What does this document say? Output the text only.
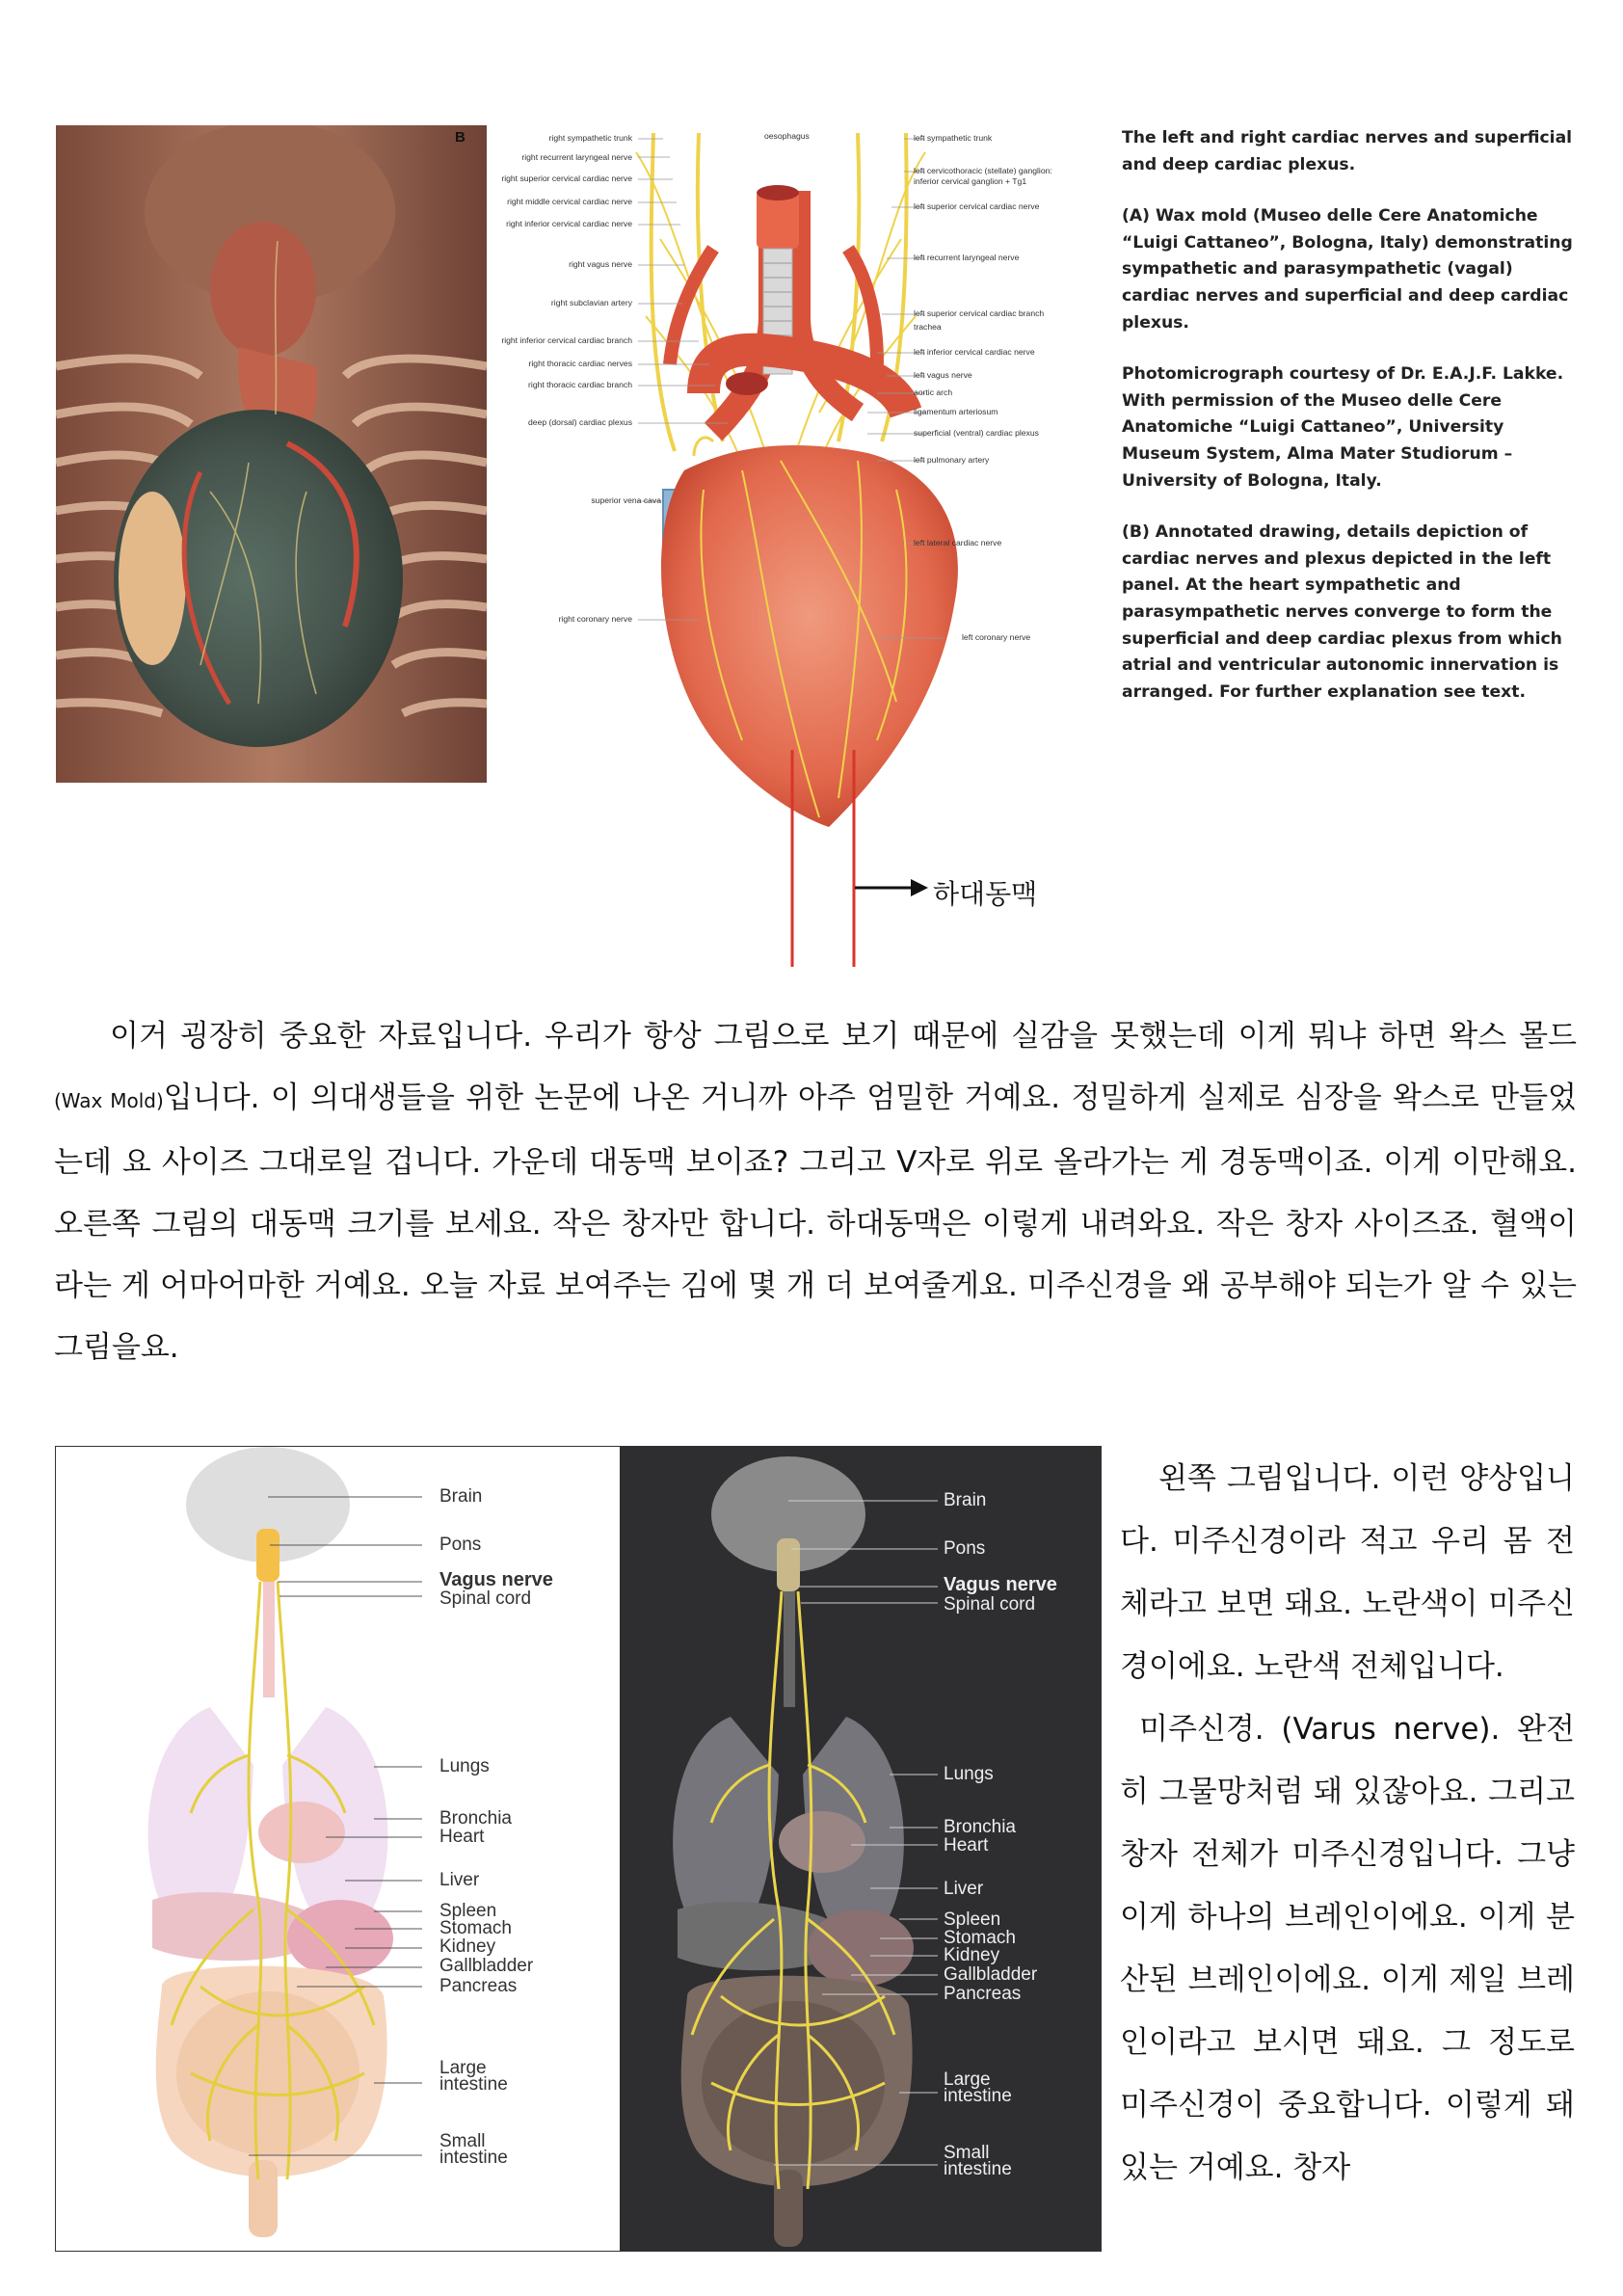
B	right sympathetic trunk
right recurrent laryngeal nerve
right superior cervical cardiac nerve
right middle cervical cardiac nerve
right inferior cervical cardiac nerve
right vagus nerve
right subclavian artery
right inferior cervical cardiac branch
right thoracic cardiac nerves
right thoracic cardiac branch
deep (dorsal) cardiac plexus
superior vena cava
right coronary nerve
oesophagus	left sympathetic trunk
left cervicothoracic (stellate) ganglion:
inferior cervical ganglion + Tg1
left superior cervical cardiac nerve
left recurrent laryngeal nerve
left superior cervical cardiac branch
trachea
left inferior cervical cardiac nerve
left vagus nerve
aortic arch
ligamentum arteriosum
superficial (ventral) cardiac plexus
left pulmonary artery
left lateral cardiac nerve
left coronary nerve
하대동맥

The left and right cardiac nerves and superficial and deep cardiac plexus.

(A) Wax mold (Museo delle Cere Anatomiche “Luigi Cattaneo”, Bologna, Italy) demonstrating sympathetic and parasympathetic (vagal) cardiac nerves and superficial and deep cardiac plexus.

Photomicrograph courtesy of Dr. E.A.J.F. Lakke. With permission of the Museo delle Cere Anatomiche “Luigi Cattaneo”, University Museum System, Alma Mater Studiorum – University of Bologna, Italy.

(B) Annotated drawing, details depiction of cardiac nerves and plexus depicted in the left panel. At the heart sympathetic and parasympathetic nerves converge to form the superficial and deep cardiac plexus from which atrial and ventricular autonomic innervation is arranged. For further explanation see text.

이거 굉장히 중요한 자료입니다. 우리가 항상 그림으로 보기 때문에 실감을 못했는데 이게 뭐냐 하면 왁스 몰드(Wax Mold)입니다. 이 의대생들을 위한 논문에 나온 거니까 아주 엄밀한 거예요. 정밀하게 실제로 심장을 왁스로 만들었는데 요 사이즈 그대로일 겁니다. 가운데 대동맥 보이죠? 그리고 V자로 위로 올라가는 게 경동맥이죠. 이게 이만해요. 오른쪽 그림의 대동맥 크기를 보세요. 작은 창자만 합니다. 하대동맥은 이렇게 내려와요. 작은 창자 사이즈죠. 혈액이라는 게 어마어마한 거예요. 오늘 자료 보여주는 김에 몇 개 더 보여줄게요. 미주신경을 왜 공부해야 되는가 알 수 있는 그림을요.
Brain
Pons
Vagus nerve
Spinal cord
Lungs
Bronchia
Heart
Liver
Spleen
Stomach
Kidney
Gallbladder
Pancreas
Large
intestine
Small
intestine
Brain
Pons
Vagus nerve
Spinal cord
Lungs
Bronchia
Heart
Liver
Spleen
Stomach
Kidney
Gallbladder
Pancreas
Large
intestine
Small
intestine

왼쪽 그림입니다. 이런 양상입니다. 미주신경이라 적고 우리 몸 전체라고 보면 돼요. 노란색이 미주신경이에요. 노란색 전체입니다.

미주신경. (Varus nerve). 완전히 그물망처럼 돼 있잖아요. 그리고 창자 전체가 미주신경입니다. 그냥 이게 하나의 브레인이에요. 이게 분산된 브레인이에요. 이게 제일 브레인이라고 보시면 돼요. 그 정도로 미주신경이 중요합니다. 이렇게 돼 있는 거예요. 창자
